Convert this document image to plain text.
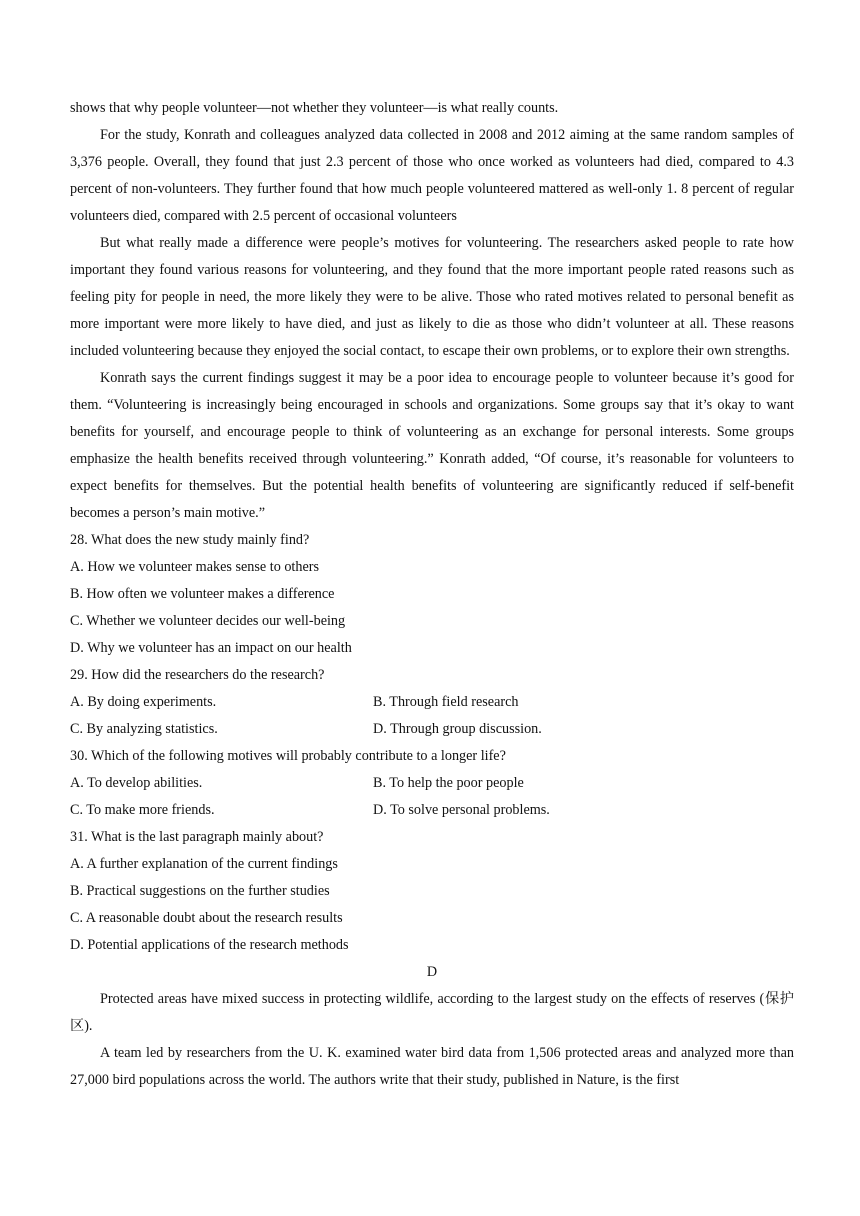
shows that why people volunteer—not whether they volunteer—is what really counts.

For the study, Konrath and colleagues analyzed data collected in 2008 and 2012 aiming at the same random samples of 3,376 people. Overall, they found that just 2.3 percent of those who once worked as volunteers had died, compared to 4.3 percent of non-volunteers. They further found that how much people volunteered mattered as well-only 1. 8 percent of regular volunteers died, compared with 2.5 percent of occasional volunteers

But what really made a difference were people’s motives for volunteering. The researchers asked people to rate how important they found various reasons for volunteering, and they found that the more important people rated reasons such as feeling pity for people in need, the more likely they were to be alive. Those who rated motives related to personal benefit as more important were more likely to have died, and just as likely to die as those who didn’t volunteer at all. These reasons included volunteering because they enjoyed the social contact, to escape their own problems, or to explore their own strengths.

Konrath says the current findings suggest it may be a poor idea to encourage people to volunteer because it’s good for them. “Volunteering is increasingly being encouraged in schools and organizations. Some groups say that it’s okay to want benefits for yourself, and encourage people to think of volunteering as an exchange for personal interests. Some groups emphasize the health benefits received through volunteering.” Konrath added, “Of course, it’s reasonable for volunteers to expect benefits for themselves. But the potential health benefits of volunteering are significantly reduced if self-benefit becomes a person’s main motive.”

28. What does the new study mainly find?

A. How we volunteer makes sense to others

B. How often we volunteer makes a difference

C. Whether we volunteer decides our well-being

D. Why we volunteer has an impact on our health

29. How did the researchers do the research?

A. By doing experiments.	B. Through field research
C. By analyzing statistics.	D. Through group discussion.

30. Which of the following motives will probably contribute to a longer life?

A. To develop abilities.	B. To help the poor people
C. To make more friends.	D. To solve personal problems.

31. What is the last paragraph mainly about?

A. A further explanation of the current findings

B. Practical suggestions on the further studies

C. A reasonable doubt about the research results

D. Potential applications of the research methods

D

Protected areas have mixed success in protecting wildlife, according to the largest study on the effects of reserves (保护区).

A team led by researchers from the U. K. examined water bird data from 1,506 protected areas and analyzed more than 27,000 bird populations across the world. The authors write that their study, published in Nature, is the first
